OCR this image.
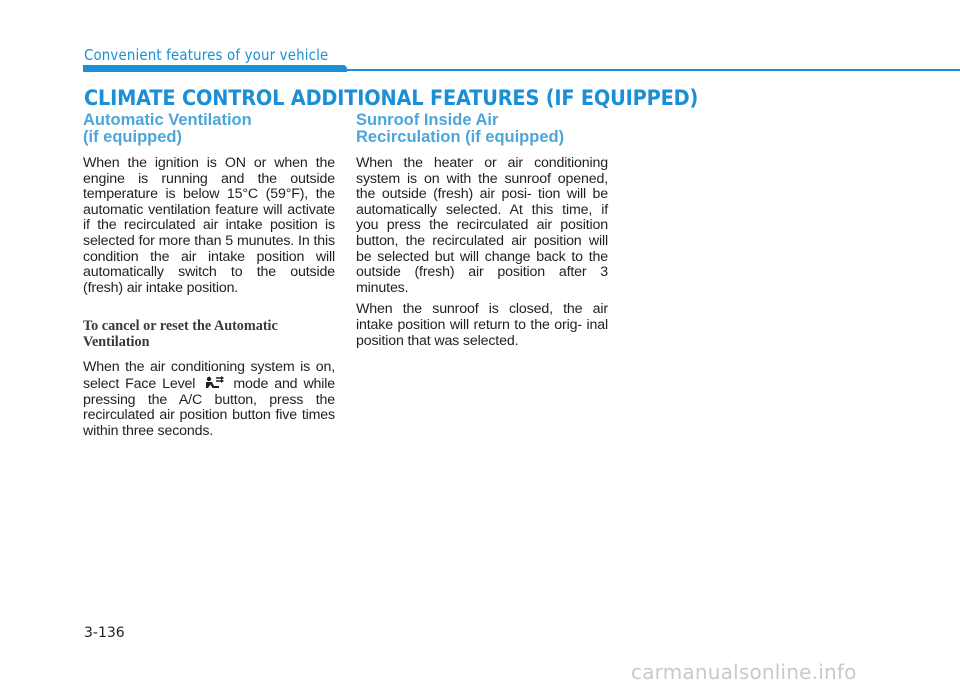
Convenient features of your vehicle
CLIMATE CONTROL ADDITIONAL FEATURES (IF EQUIPPED)
Automatic Ventilation
(if equipped)

When the ignition is ON or when the engine is running and the outside temperature is below 15°C (59°F), the automatic ventilation feature will activate if the recirculated air intake position is selected for more than 5 munutes. In this condition the air intake position will automatically switch to the outside (fresh) air intake position.

To cancel or reset the Automatic
Ventilation

When the air conditioning system is on, select Face Level	mode and while pressing the A/C button, press the recirculated air position button five times within three seconds.

Sunroof Inside Air
Recirculation (if equipped)

When the heater or air conditioning system is on with the sunroof opened, the outside (fresh) air posi- tion will be automatically selected. At this time, if you press the recirculated air position button, the recirculated air position will be selected but will change back to the outside (fresh) air position after 3 minutes.

When the sunroof is closed, the air intake position will return to the orig- inal position that was selected.

3-136
carmanualsonline.info
